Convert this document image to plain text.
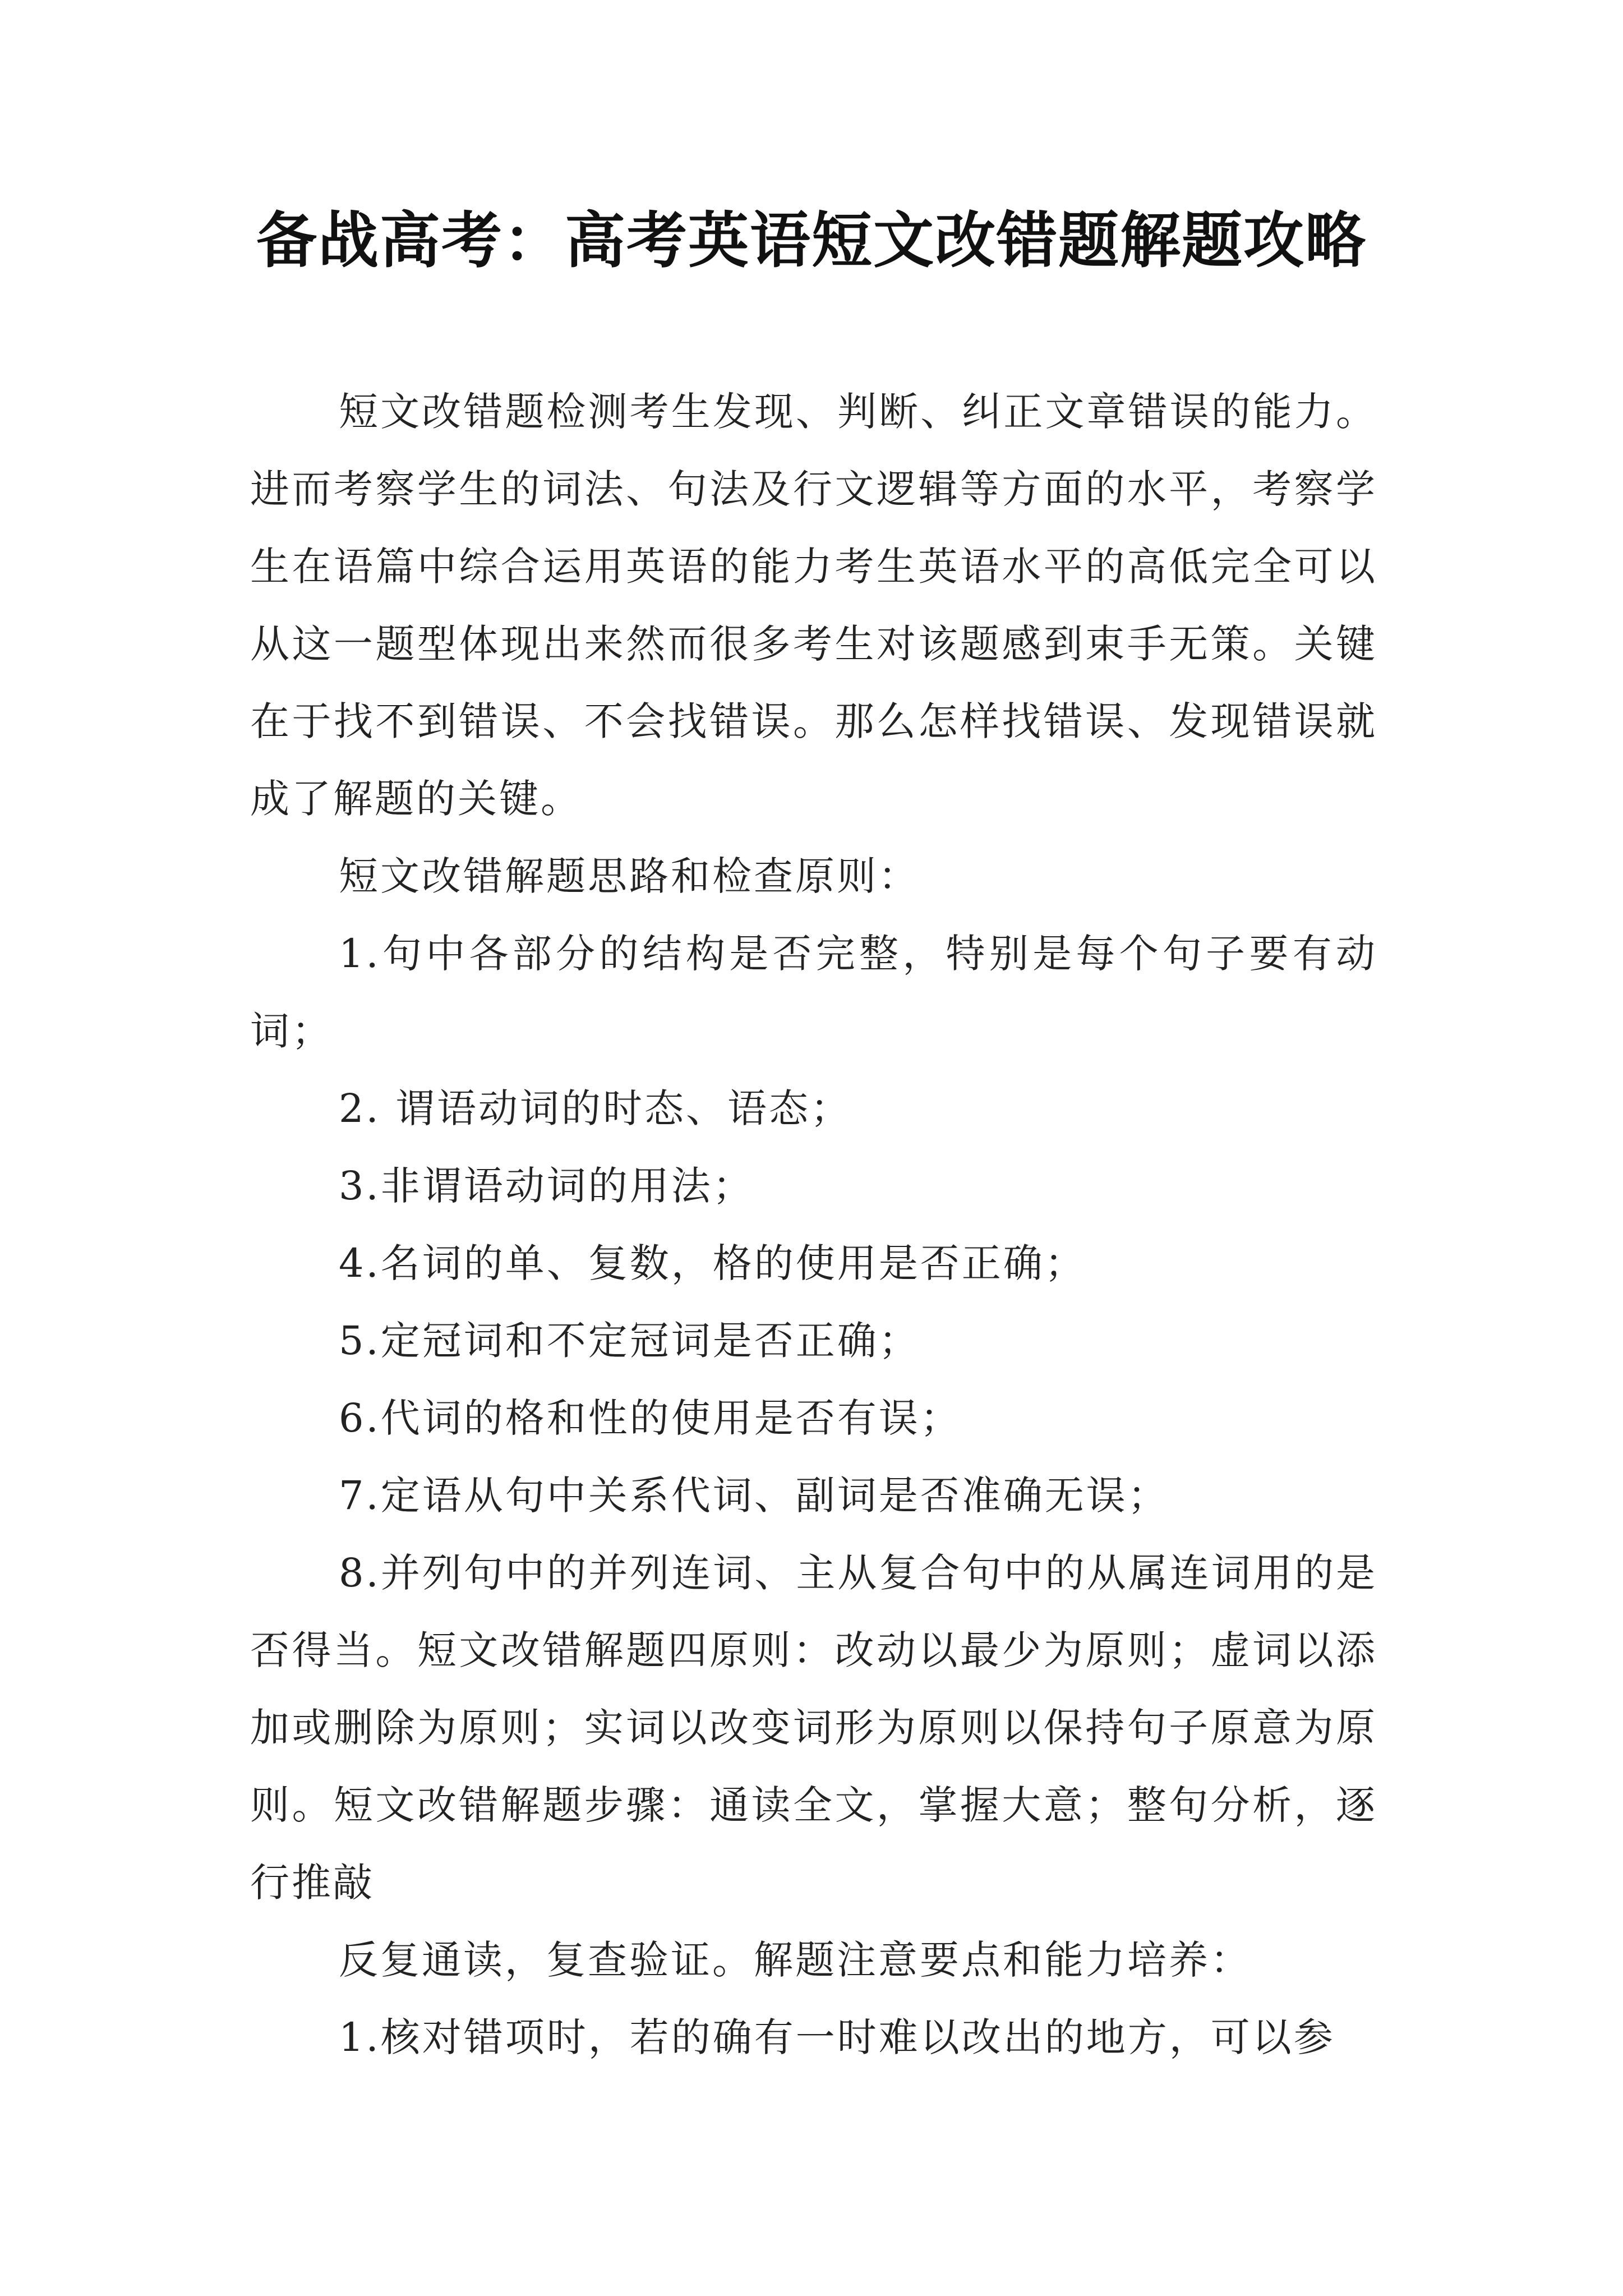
备战高考：高考英语短文改错题解题攻略

短文改错题检测考生发现、判断、纠正文章错误的能力。进而考察学生的词法、句法及行文逻辑等方面的水平，考察学生在语篇中综合运用英语的能力考生英语水平的高低完全可以从这一题型体现出来然而很多考生对该题感到束手无策。关键在于找不到错误、不会找错误。那么怎样找错误、发现错误就成了解题的关键。

短文改错解题思路和检查原则：

1.句中各部分的结构是否完整，特别是每个句子要有动词；

2. 谓语动词的时态、语态；

3.非谓语动词的用法；

4.名词的单、复数，格的使用是否正确；

5.定冠词和不定冠词是否正确；

6.代词的格和性的使用是否有误；

7.定语从句中关系代词、副词是否准确无误；

8.并列句中的并列连词、主从复合句中的从属连词用的是否得当。短文改错解题四原则：改动以最少为原则；虚词以添加或删除为原则；实词以改变词形为原则以保持句子原意为原则。短文改错解题步骤：通读全文，掌握大意；整句分析，逐行推敲

反复通读，复查验证。解题注意要点和能力培养：

1.核对错项时，若的确有一时难以改出的地方，可以参
